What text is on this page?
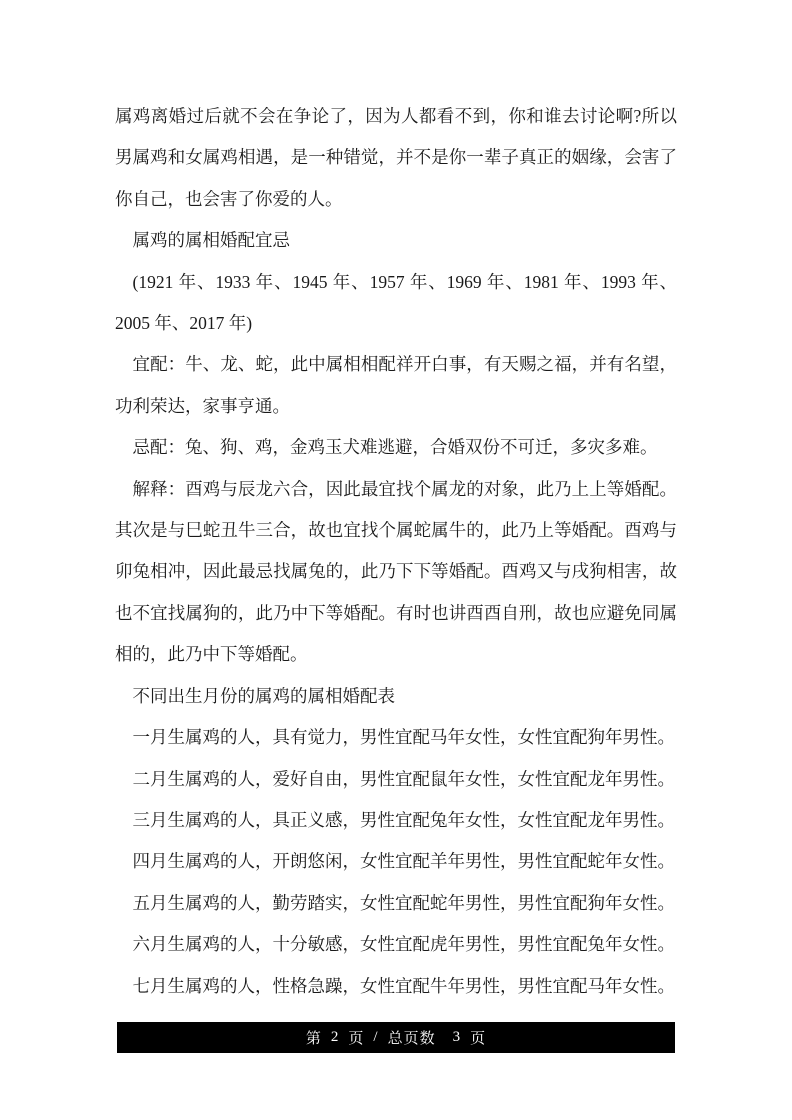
属鸡离婚过后就不会在争论了，因为人都看不到，你和谁去讨论啊?所以男属鸡和女属鸡相遇，是一种错觉，并不是你一辈子真正的姻缘，会害了你自己，也会害了你爱的人。
属鸡的属相婚配宜忌
(1921 年、1933 年、1945 年、1957 年、1969 年、1981 年、1993 年、2005 年、2017 年)
宜配：牛、龙、蛇，此中属相相配祥开白事，有天赐之福，并有名望，功利荣达，家事亨通。
忌配：兔、狗、鸡，金鸡玉犬难逃避，合婚双份不可迁，多灾多难。
解释：酉鸡与辰龙六合，因此最宜找个属龙的对象，此乃上上等婚配。其次是与巳蛇丑牛三合，故也宜找个属蛇属牛的，此乃上等婚配。酉鸡与卯兔相冲，因此最忌找属兔的，此乃下下等婚配。酉鸡又与戌狗相害，故也不宜找属狗的，此乃中下等婚配。有时也讲酉酉自刑，故也应避免同属相的，此乃中下等婚配。
不同出生月份的属鸡的属相婚配表
一月生属鸡的人，具有觉力，男性宜配马年女性，女性宜配狗年男性。
二月生属鸡的人，爱好自由，男性宜配鼠年女性，女性宜配龙年男性。
三月生属鸡的人，具正义感，男性宜配兔年女性，女性宜配龙年男性。
四月生属鸡的人，开朗悠闲，女性宜配羊年男性，男性宜配蛇年女性。
五月生属鸡的人，勤劳踏实，女性宜配蛇年男性，男性宜配狗年女性。
六月生属鸡的人，十分敏感，女性宜配虎年男性，男性宜配兔年女性。
七月生属鸡的人，性格急躁，女性宜配牛年男性，男性宜配马年女性。
第 2 页 / 总页数 3 页
